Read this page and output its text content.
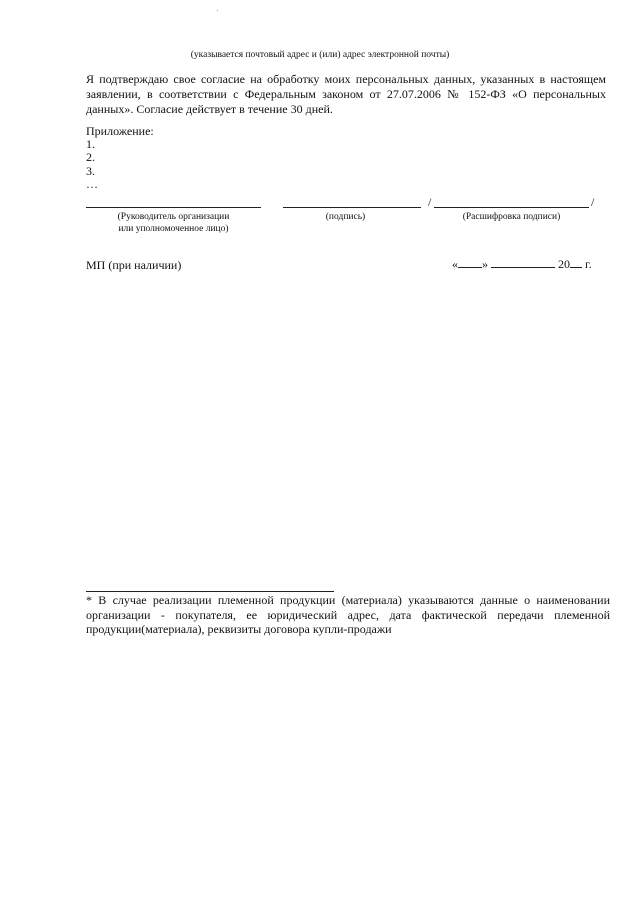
(указывается почтовый адрес и (или) адрес электронной почты)

Я подтверждаю свое согласие на обработку моих персональных данных, указанных в настоящем заявлении, в соответствии с Федеральным законом от 27.07.2006 № 152-ФЗ «О персональных данных». Согласие действует в течение 30 дней.

Приложение:
1.
2.
3.
…
/	/
(Руководитель организации
или уполномоченное лицо)
(подпись)	(Расшифровка подписи)
МП (при наличии)	« »	20 г.

* В случае реализации племенной продукции (материала) указываются данные о наименовании организации - покупателя, ее юридический адрес, дата фактической передачи племенной продукции(материала), реквизиты договора купли-продажи
